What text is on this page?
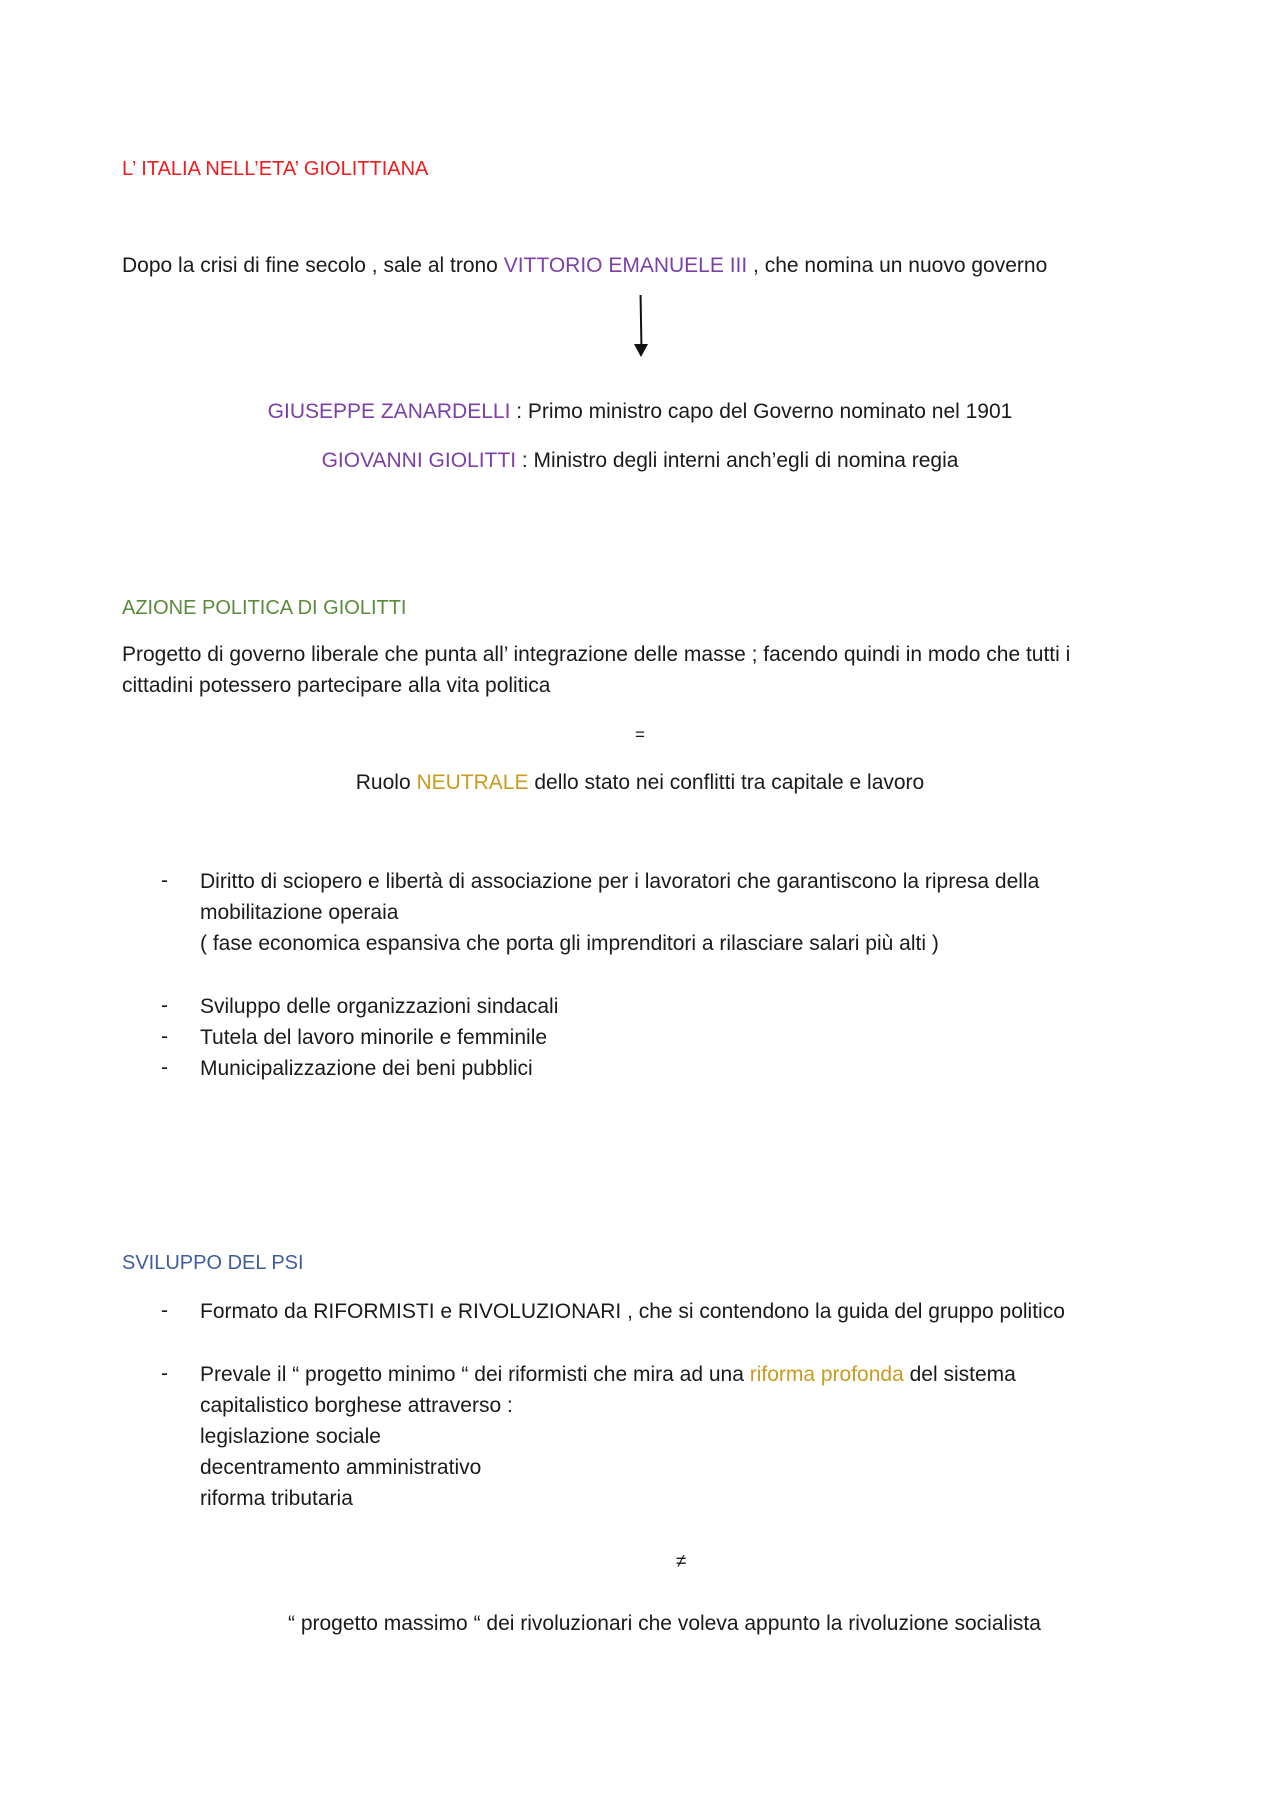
L’ ITALIA NELL’ETA’ GIOLITTIANA
Dopo la crisi di fine secolo , sale al trono VITTORIO EMANUELE III , che nomina un nuovo governo
GIUSEPPE ZANARDELLI : Primo ministro capo del Governo nominato nel 1901
GIOVANNI GIOLITTI : Ministro degli interni anch’egli di nomina regia
AZIONE POLITICA DI GIOLITTI
Progetto di governo liberale che punta all’ integrazione delle masse ; facendo quindi in modo che tutti i
cittadini potessero partecipare alla vita politica
=
Ruolo NEUTRALE dello stato nei conflitti tra capitale e lavoro
- Diritto di sciopero e libertà di associazione per i lavoratori che garantiscono la ripresa della
mobilitazione operaia
( fase economica espansiva che porta gli imprenditori a rilasciare salari più alti )
- Sviluppo delle organizzazioni sindacali
- Tutela del lavoro minorile e femminile
- Municipalizzazione dei beni pubblici
SVILUPPO DEL PSI
- Formato da RIFORMISTI e RIVOLUZIONARI , che si contendono la guida del gruppo politico
- Prevale il “ progetto minimo “ dei riformisti che mira ad una riforma profonda del sistema
capitalistico borghese attraverso :
legislazione sociale
decentramento amministrativo
riforma tributaria
≠
“ progetto massimo “ dei rivoluzionari che voleva appunto la rivoluzione socialista
